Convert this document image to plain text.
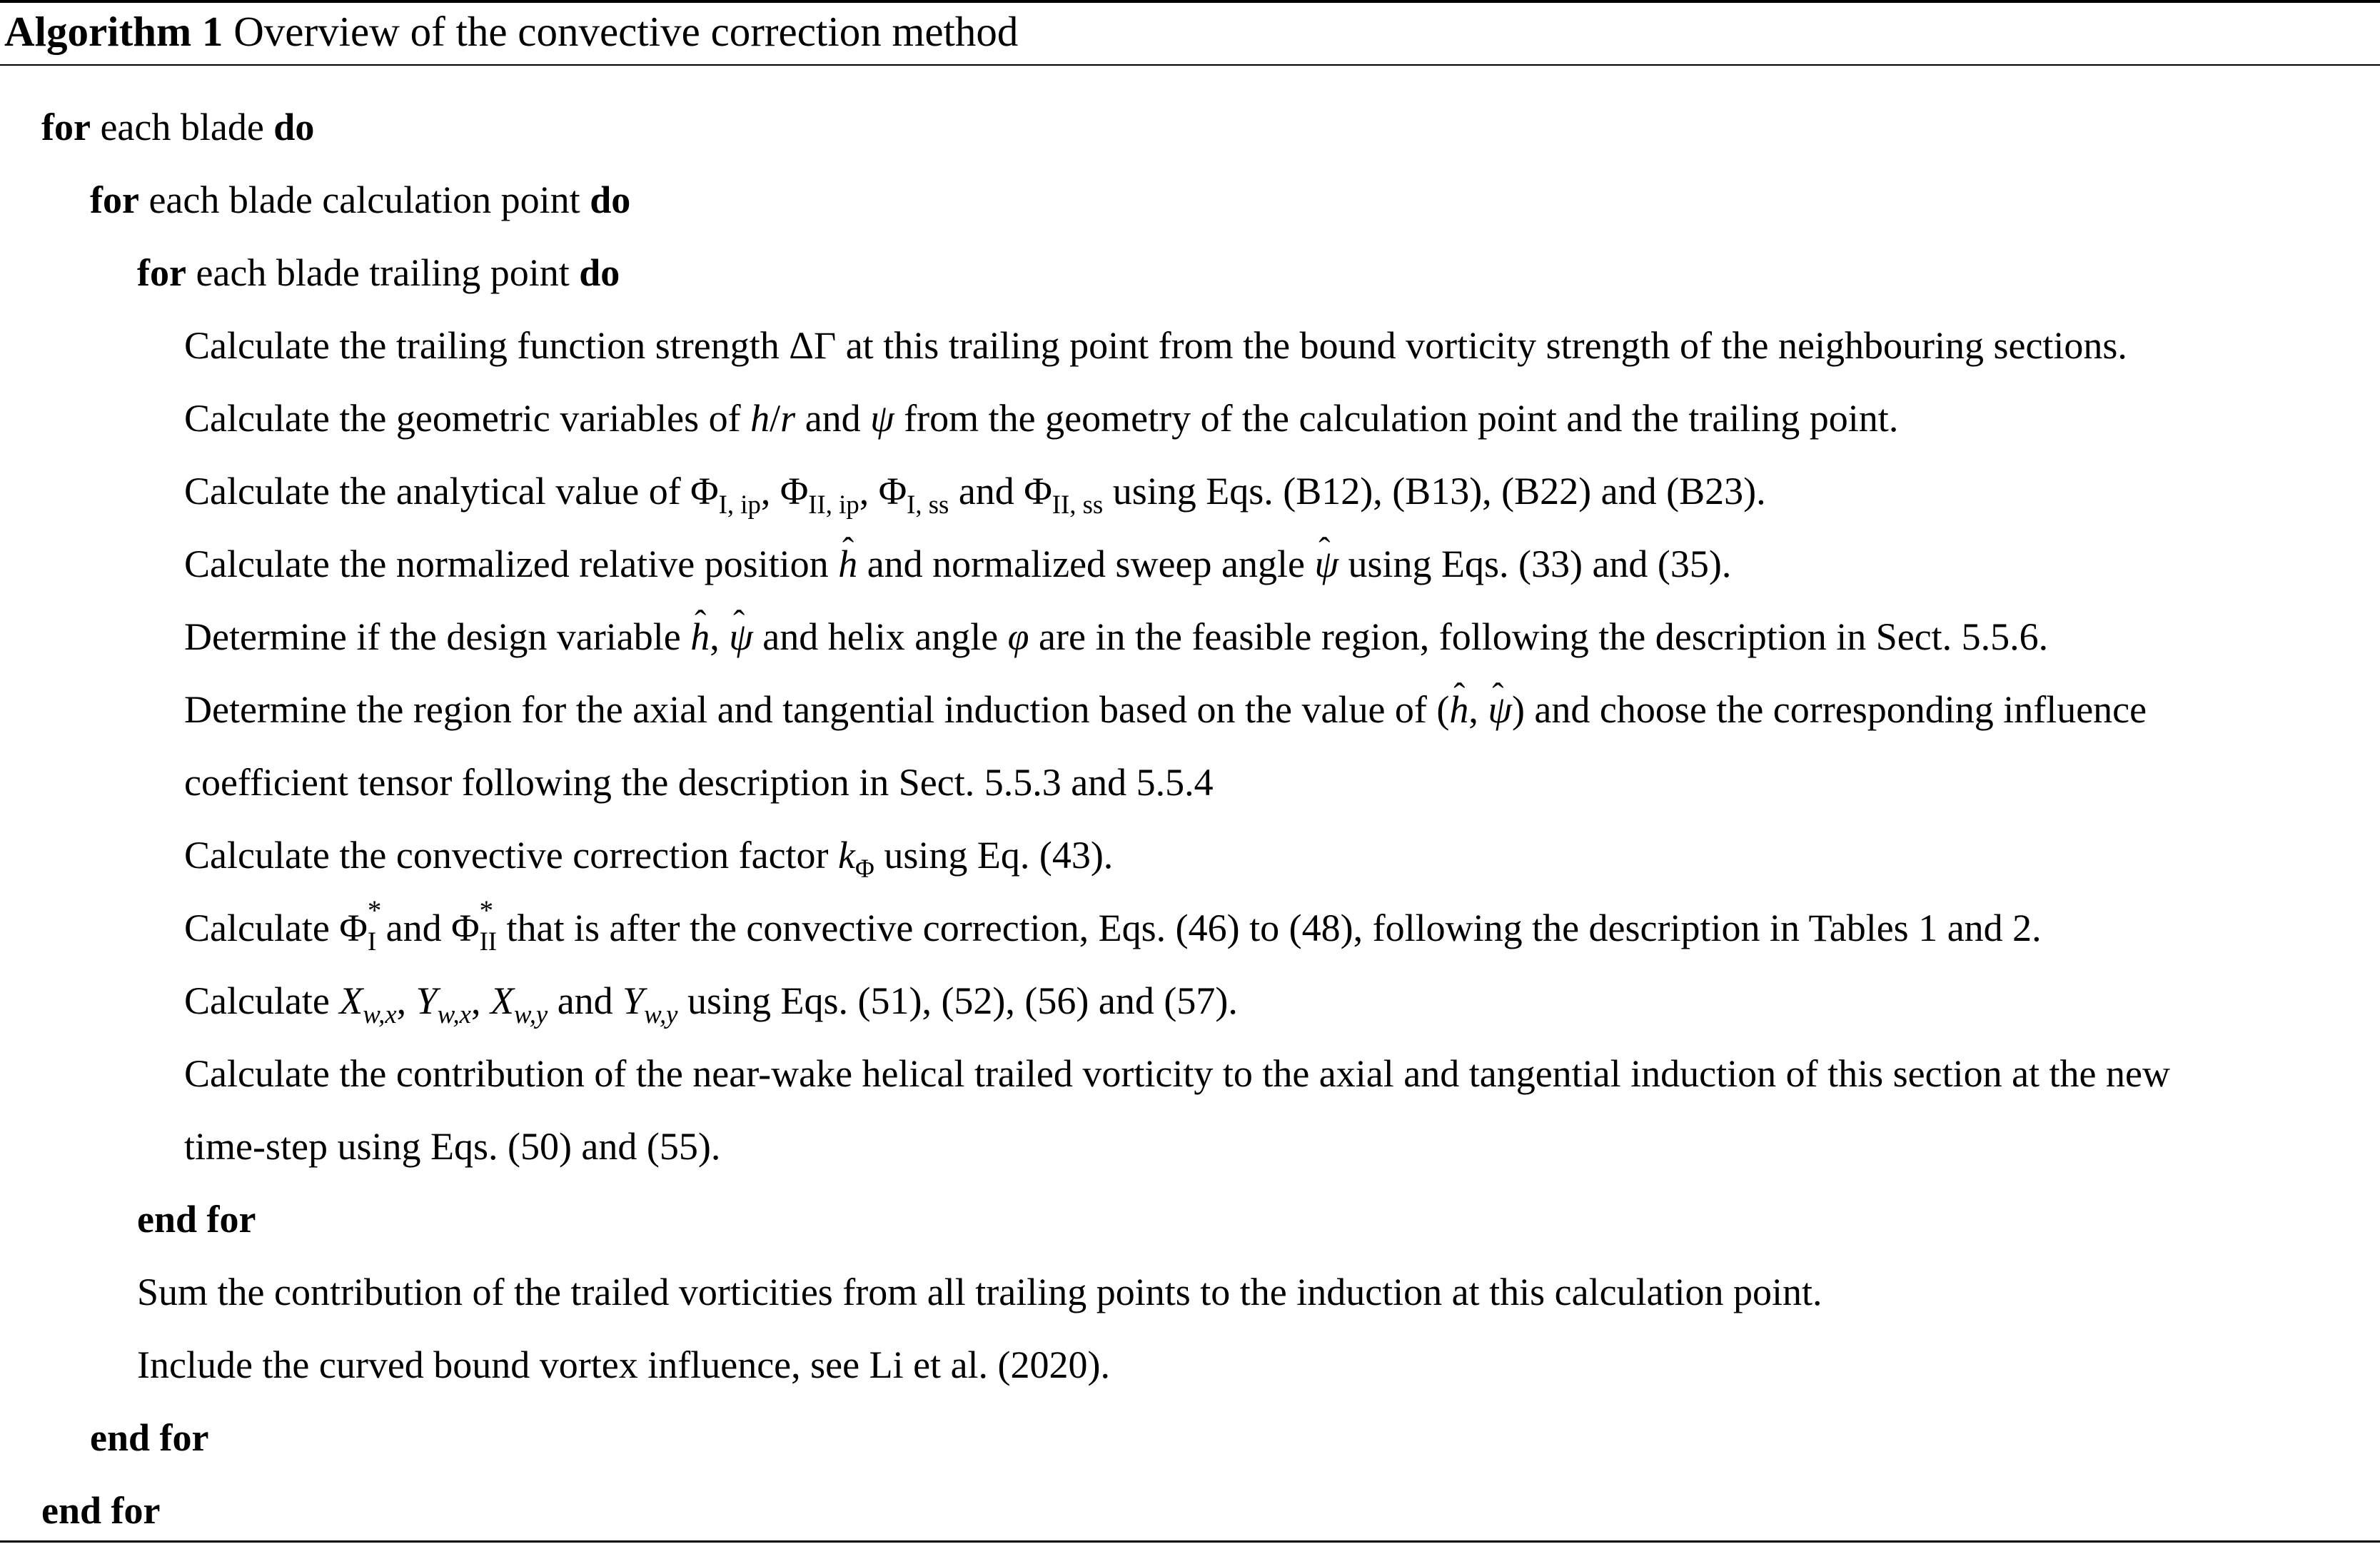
Algorithm 1 Overview of the convective correction method
for each blade do
for each blade calculation point do
for each blade trailing point do
Calculate the trailing function strength ΔΓ at this trailing point from the bound vorticity strength of the neighbouring sections.
Calculate the geometric variables of h/r and ψ from the geometry of the calculation point and the trailing point.
Calculate the analytical value of $\Phi_{I, ip}$, $\Phi_{II, ip}$, $\Phi_{I, ss}$ and $\Phi_{II, ss}$ using Eqs. (B12), (B13), (B22) and (B23).
Calculate the normalized relative position ˆ h and normalized sweep angle ˆ ψ using Eqs. (33) and (35).
Determine if the design variable ˆ h, ˆ ψ and helix angle φ are in the feasible region, following the description in Sect. 5.5.6.
Determine the region for the axial and tangential induction based on the value of (ˆ h, ˆ ψ) and choose the corresponding influence
coefficient tensor following the description in Sect. 5.5.3 and 5.5.4
Calculate the convective correction factor $k_\Phi$ using Eq. (43).
Calculate Φ *
$_I$ and Φ *
$_{II}$ that is after the convective correction, Eqs. (46) to (48), following the description in Tables 1 and 2.
Calculate $X_{w,x}$, $Y_{w,x}$, $X_{w,y}$ and $Y_{w,y}$ using Eqs. (51), (52), (56) and (57).
Calculate the contribution of the near-wake helical trailed vorticity to the axial and tangential induction of this section at the new
time-step using Eqs. (50) and (55).
end for
Sum the contribution of the trailed vorticities from all trailing points to the induction at this calculation point.
Include the curved bound vortex influence, see Li et al. (2020).
end for
end for
